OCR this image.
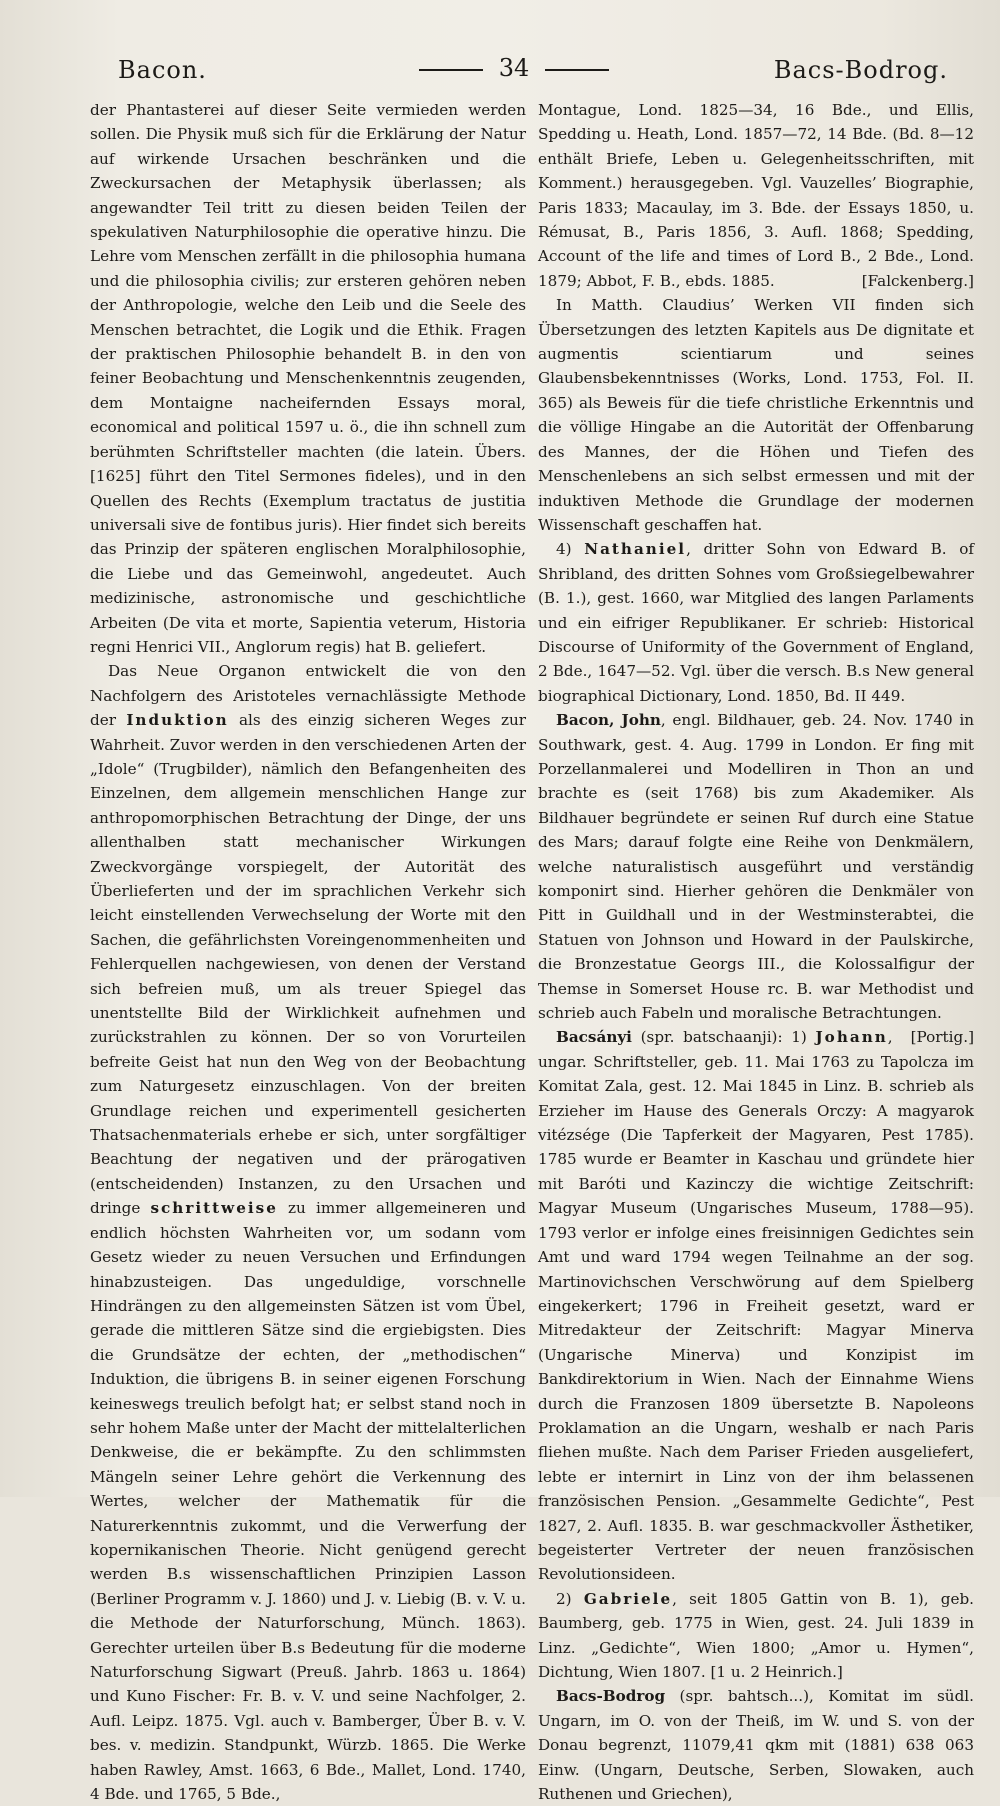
Bacon.	34	Bacs-Bodrog.

der Phantasterei auf dieser Seite vermieden werden sollen. Die Physik muß sich für die Erklärung der Natur auf wirkende Ursachen beschränken und die Zweckursachen der Metaphysik überlassen; als angewandter Teil tritt zu diesen beiden Teilen der spekulativen Naturphilosophie die operative hinzu. Die Lehre vom Menschen zerfällt in die philosophia humana und die philosophia civilis; zur ersteren gehören neben der Anthropologie, welche den Leib und die Seele des Menschen betrachtet, die Logik und die Ethik. Fragen der praktischen Philosophie behandelt B. in den von feiner Beobachtung und Menschenkenntnis zeugenden, dem Montaigne nacheifernden Essays moral, economical and political 1597 u. ö., die ihn schnell zum berühmten Schriftsteller machten (die latein. Übers. [1625] führt den Titel Sermones fideles), und in den Quellen des Rechts (Exemplum tractatus de justitia universali sive de fontibus juris). Hier findet sich bereits das Prinzip der späteren englischen Moralphilosophie, die Liebe und das Gemeinwohl, angedeutet. Auch medizinische, astronomische und geschichtliche Arbeiten (De vita et morte, Sapientia veterum, Historia regni Henrici VII., Anglorum regis) hat B. geliefert.

Das Neue Organon entwickelt die von den Nachfolgern des Aristoteles vernachlässigte Methode der Induktion als des einzig sicheren Weges zur Wahrheit. Zuvor werden in den verschiedenen Arten der „Idole“ (Trugbilder), nämlich den Befangenheiten des Einzelnen, dem allgemein menschlichen Hange zur anthropomorphischen Betrachtung der Dinge, der uns allenthalben statt mechanischer Wirkungen Zweckvorgänge vorspiegelt, der Autorität des Überlieferten und der im sprachlichen Verkehr sich leicht einstellenden Verwechselung der Worte mit den Sachen, die gefährlichsten Voreingenommenheiten und Fehlerquellen nachgewiesen, von denen der Verstand sich befreien muß, um als treuer Spiegel das unentstellte Bild der Wirklichkeit aufnehmen und zurückstrahlen zu können. Der so von Vorurteilen befreite Geist hat nun den Weg von der Beobachtung zum Naturgesetz einzuschlagen. Von der breiten Grundlage reichen und experimentell gesicherten Thatsachenmaterials erhebe er sich, unter sorgfältiger Beachtung der negativen und der prärogativen (entscheidenden) Instanzen, zu den Ursachen und dringe schrittweise zu immer allgemeineren und endlich höchsten Wahrheiten vor, um sodann vom Gesetz wieder zu neuen Versuchen und Erfindungen hinabzusteigen. Das ungeduldige, vorschnelle Hindrängen zu den allgemeinsten Sätzen ist vom Übel, gerade die mittleren Sätze sind die ergiebigsten. Dies die Grundsätze der echten, der „methodischen“ Induktion, die übrigens B. in seiner eigenen Forschung keineswegs treulich befolgt hat; er selbst stand noch in sehr hohem Maße unter der Macht der mittelalterlichen Denkweise, die er bekämpfte. Zu den schlimmsten Mängeln seiner Lehre gehört die Verkennung des Wertes, welcher der Mathematik für die Naturerkenntnis zukommt, und die Verwerfung der kopernikanischen Theorie. Nicht genügend gerecht werden B.s wissenschaftlichen Prinzipien Lasson (Berliner Programm v. J. 1860) und J. v. Liebig (B. v. V. u. die Methode der Naturforschung, Münch. 1863). Gerechter urteilen über B.s Bedeutung für die moderne Naturforschung Sigwart (Preuß. Jahrb. 1863 u. 1864) und Kuno Fischer: Fr. B. v. V. und seine Nachfolger, 2. Aufl. Leipz. 1875. Vgl. auch v. Bamberger, Über B. v. V. bes. v. medizin. Standpunkt, Würzb. 1865. Die Werke haben Rawley, Amst. 1663, 6 Bde., Mallet, Lond. 1740, 4 Bde. und 1765, 5 Bde.,

Montague, Lond. 1825—34, 16 Bde., und Ellis, Spedding u. Heath, Lond. 1857—72, 14 Bde. (Bd. 8—12 enthält Briefe, Leben u. Gelegenheitsschriften, mit Komment.) herausgegeben. Vgl. Vauzelles’ Biographie, Paris 1833; Macaulay, im 3. Bde. der Essays 1850, u. Rémusat, B., Paris 1856, 3. Aufl. 1868; Spedding, Account of the life and times of Lord B., 2 Bde., Lond. 1879; Abbot, F. B., ebds. 1885.	[Falckenberg.]

In Matth. Claudius’ Werken VII finden sich Übersetzungen des letzten Kapitels aus De dignitate et augmentis scientiarum und seines Glaubensbekenntnisses (Works, Lond. 1753, Fol. II. 365) als Beweis für die tiefe christliche Erkenntnis und die völlige Hingabe an die Autorität der Offenbarung des Mannes, der die Höhen und Tiefen des Menschenlebens an sich selbst ermessen und mit der induktiven Methode die Grundlage der modernen Wissenschaft geschaffen hat.

4) Nathaniel, dritter Sohn von Edward B. of Shribland, des dritten Sohnes vom Großsiegelbewahrer (B. 1.), gest. 1660, war Mitglied des langen Parlaments und ein eifriger Republikaner. Er schrieb: Historical Discourse of Uniformity of the Government of England, 2 Bde., 1647—52. Vgl. über die versch. B.s New general biographical Dictionary, Lond. 1850, Bd. II 449.

Bacon, John, engl. Bildhauer, geb. 24. Nov. 1740 in Southwark, gest. 4. Aug. 1799 in London. Er fing mit Porzellanmalerei und Modelliren in Thon an und brachte es (seit 1768) bis zum Akademiker. Als Bildhauer begründete er seinen Ruf durch eine Statue des Mars; darauf folgte eine Reihe von Denkmälern, welche naturalistisch ausgeführt und verständig komponirt sind. Hierher gehören die Denkmäler von Pitt in Guildhall und in der Westminsterabtei, die Statuen von Johnson und Howard in der Paulskirche, die Bronzestatue Georgs III., die Kolossalfigur der Themse in Somerset House rc. B. war Methodist und schrieb auch Fabeln und moralische Betrachtungen.
[Portig.]

Bacsányi (spr. batschaanji): 1) Johann, ungar. Schriftsteller, geb. 11. Mai 1763 zu Tapolcza im Komitat Zala, gest. 12. Mai 1845 in Linz. B. schrieb als Erzieher im Hause des Generals Orczy: A magyarok vitézsége (Die Tapferkeit der Magyaren, Pest 1785). 1785 wurde er Beamter in Kaschau und gründete hier mit Baróti und Kazinczy die wichtige Zeitschrift: Magyar Museum (Ungarisches Museum, 1788—95). 1793 verlor er infolge eines freisinnigen Gedichtes sein Amt und ward 1794 wegen Teilnahme an der sog. Martinovichschen Verschwörung auf dem Spielberg eingekerkert; 1796 in Freiheit gesetzt, ward er Mitredakteur der Zeitschrift: Magyar Minerva (Ungarische Minerva) und Konzipist im Bankdirektorium in Wien. Nach der Einnahme Wiens durch die Franzosen 1809 übersetzte B. Napoleons Proklamation an die Ungarn, weshalb er nach Paris fliehen mußte. Nach dem Pariser Frieden ausgeliefert, lebte er internirt in Linz von der ihm belassenen französischen Pension. „Gesammelte Gedichte“, Pest 1827, 2. Aufl. 1835. B. war geschmackvoller Ästhetiker, begeisterter Vertreter der neuen französischen Revolutionsideen.

2) Gabriele, seit 1805 Gattin von B. 1), geb. Baumberg, geb. 1775 in Wien, gest. 24. Juli 1839 in Linz. „Gedichte“, Wien 1800; „Amor u. Hymen“, Dichtung, Wien 1807. [1 u. 2 Heinrich.]

Bacs-Bodrog (spr. bahtsch...), Komitat im südl. Ungarn, im O. von der Theiß, im W. und S. von der Donau begrenzt, 11079,41 qkm mit (1881) 638 063 Einw. (Ungarn, Deutsche, Serben, Slowaken, auch Ruthenen und Griechen),
